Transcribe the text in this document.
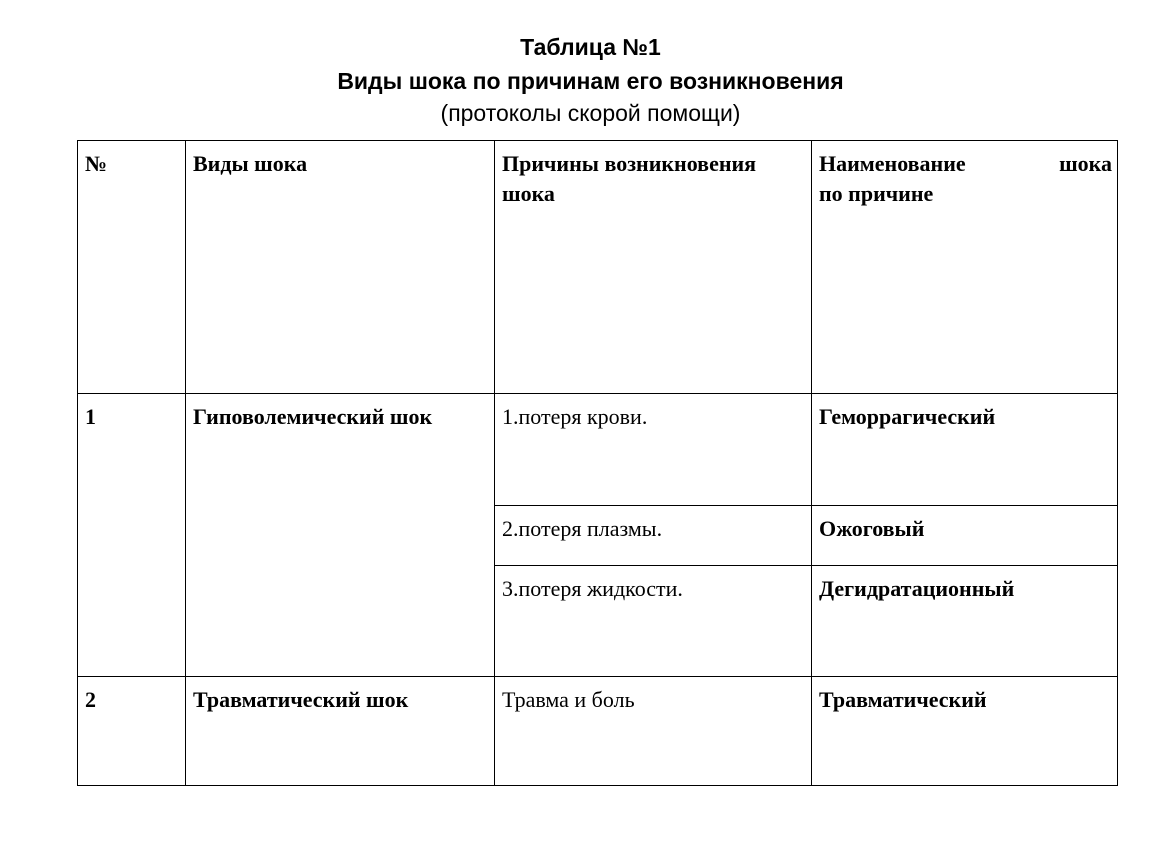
Таблица №1
Виды шока по причинам его возникновения
(протоколы скорой помощи)
№	Виды шока	Причины возникновения шока	Наименование шока
по причине

1	Гиповолемический шок	1.потеря крови.	Геморрагический
		2.потеря плазмы.	Ожоговый
		3.потеря жидкости.	Дегидратационный
2	Травматический шок	Травма и боль	Травматический
